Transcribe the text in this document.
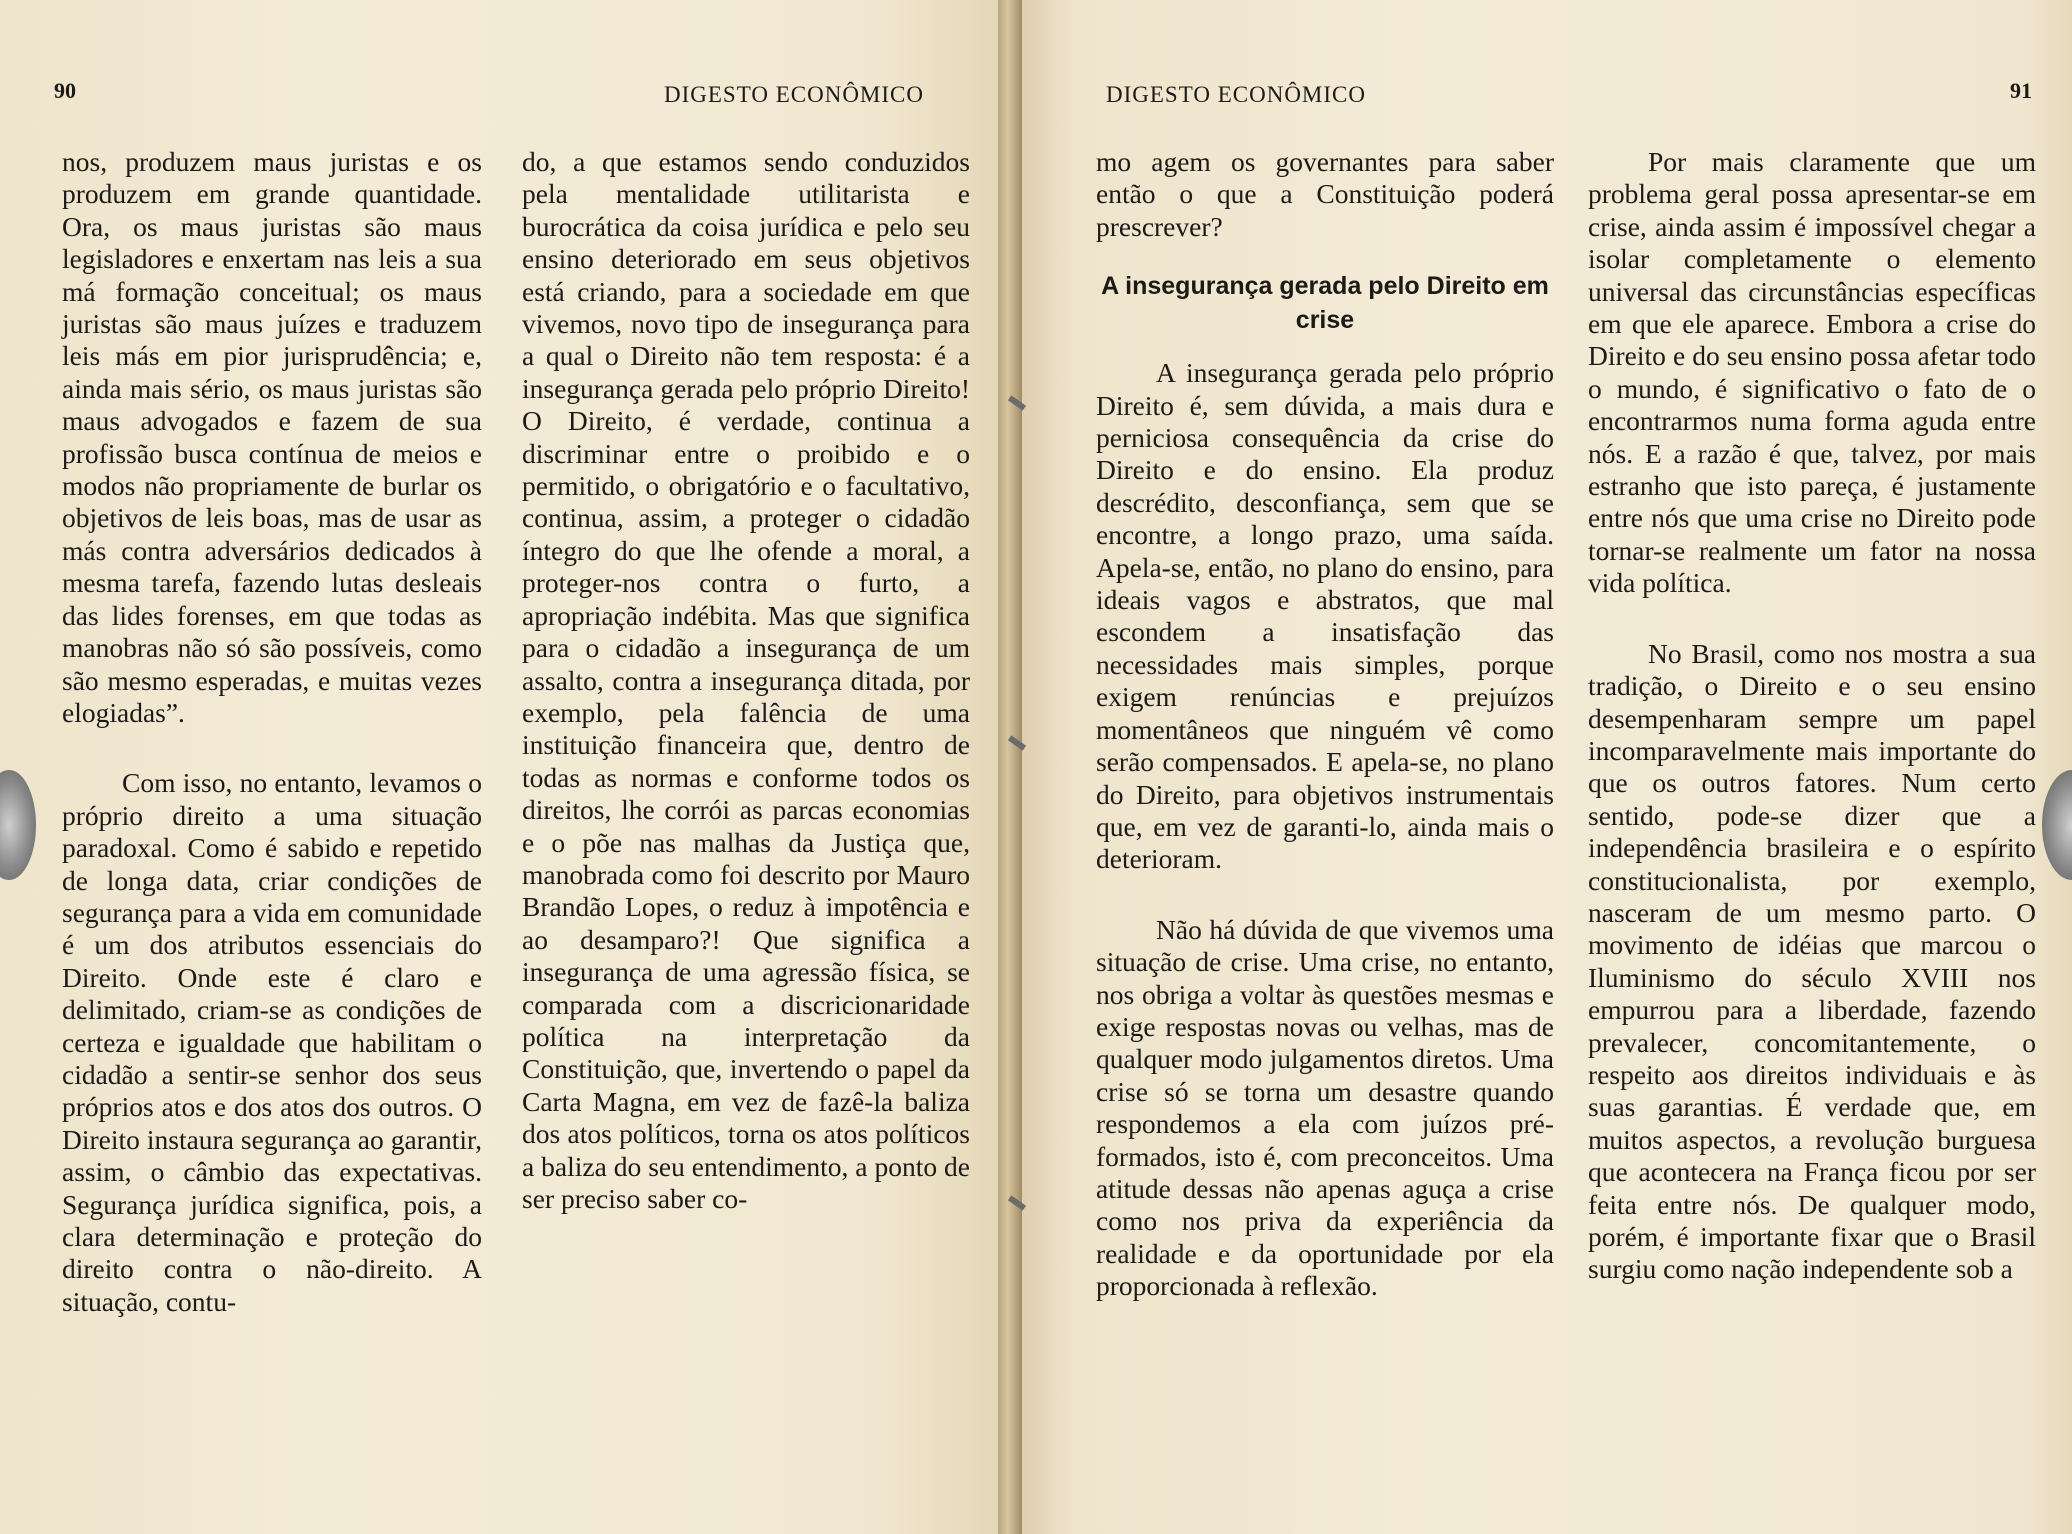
90	DIGESTO ECONÔMICO

nos, produzem maus juristas e os produzem em grande quantidade. Ora, os maus juristas são maus legisladores e enxertam nas leis a sua má formação conceitual; os maus juristas são maus juízes e traduzem leis más em pior jurisprudência; e, ainda mais sério, os maus juristas são maus advogados e fazem de sua profissão busca contínua de meios e modos não propriamente de burlar os objetivos de leis boas, mas de usar as más contra adversários dedicados à mesma tarefa, fazendo lutas desleais das lides forenses, em que todas as manobras não só são possíveis, como são mesmo esperadas, e muitas vezes elogiadas”.

Com isso, no entanto, levamos o próprio direito a uma situação paradoxal. Como é sabido e repetido de longa data, criar condições de segurança para a vida em comunidade é um dos atributos essenciais do Direito. Onde este é claro e delimitado, criam-se as condições de certeza e igualdade que habilitam o cidadão a sentir-se senhor dos seus próprios atos e dos atos dos outros. O Direito instaura segurança ao garantir, assim, o câmbio das expectativas. Segurança jurídica significa, pois, a clara determinação e proteção do direito contra o não-direito. A situação, contu-

do, a que estamos sendo conduzidos pela mentalidade utilitarista e burocrática da coisa jurídica e pelo seu ensino deteriorado em seus objetivos está criando, para a sociedade em que vivemos, novo tipo de insegurança para a qual o Direito não tem resposta: é a insegurança gerada pelo próprio Direito! O Direito, é verdade, continua a discriminar entre o proibido e o permitido, o obrigatório e o facultativo, continua, assim, a proteger o cidadão íntegro do que lhe ofende a moral, a proteger-nos contra o furto, a apropriação indébita. Mas que significa para o cidadão a insegurança de um assalto, contra a insegurança ditada, por exemplo, pela falência de uma instituição financeira que, dentro de todas as normas e conforme todos os direitos, lhe corrói as parcas economias e o põe nas malhas da Justiça que, manobrada como foi descrito por Mauro Brandão Lopes, o reduz à impotência e ao desamparo?! Que significa a insegurança de uma agressão física, se comparada com a discricionaridade política na interpretação da Constituição, que, invertendo o papel da Carta Magna, em vez de fazê-la baliza dos atos políticos, torna os atos políticos a baliza do seu entendimento, a ponto de ser preciso saber co-

DIGESTO ECONÔMICO	91

mo agem os governantes para saber então o que a Constituição poderá prescrever?

A insegurança gerada pelo Direito em crise

A insegurança gerada pelo próprio Direito é, sem dúvida, a mais dura e perniciosa consequência da crise do Direito e do ensino. Ela produz descrédito, desconfiança, sem que se encontre, a longo prazo, uma saída. Apela-se, então, no plano do ensino, para ideais vagos e abstratos, que mal escondem a insatisfação das necessidades mais simples, porque exigem renúncias e prejuízos momentâneos que ninguém vê como serão compensados. E apela-se, no plano do Direito, para objetivos instrumentais que, em vez de garanti-lo, ainda mais o deterioram.

Não há dúvida de que vivemos uma situação de crise. Uma crise, no entanto, nos obriga a voltar às questões mesmas e exige respostas novas ou velhas, mas de qualquer modo julgamentos diretos. Uma crise só se torna um desastre quando respondemos a ela com juízos pré-formados, isto é, com preconceitos. Uma atitude dessas não apenas aguça a crise como nos priva da experiência da realidade e da oportunidade por ela proporcionada à reflexão.

Por mais claramente que um problema geral possa apresentar-se em crise, ainda assim é impossível chegar a isolar completamente o elemento universal das circunstâncias específicas em que ele aparece. Embora a crise do Direito e do seu ensino possa afetar todo o mundo, é significativo o fato de o encontrarmos numa forma aguda entre nós. E a razão é que, talvez, por mais estranho que isto pareça, é justamente entre nós que uma crise no Direito pode tornar-se realmente um fator na nossa vida política.

No Brasil, como nos mostra a sua tradição, o Direito e o seu ensino desempenharam sempre um papel incomparavelmente mais importante do que os outros fatores. Num certo sentido, pode-se dizer que a independência brasileira e o espírito constitucionalista, por exemplo, nasceram de um mesmo parto. O movimento de idéias que marcou o Iluminismo do século XVIII nos empurrou para a liberdade, fazendo prevalecer, concomitantemente, o respeito aos direitos individuais e às suas garantias. É verdade que, em muitos aspectos, a revolução burguesa que acontecera na França ficou por ser feita entre nós. De qualquer modo, porém, é importante fixar que o Brasil surgiu como nação independente sob a
